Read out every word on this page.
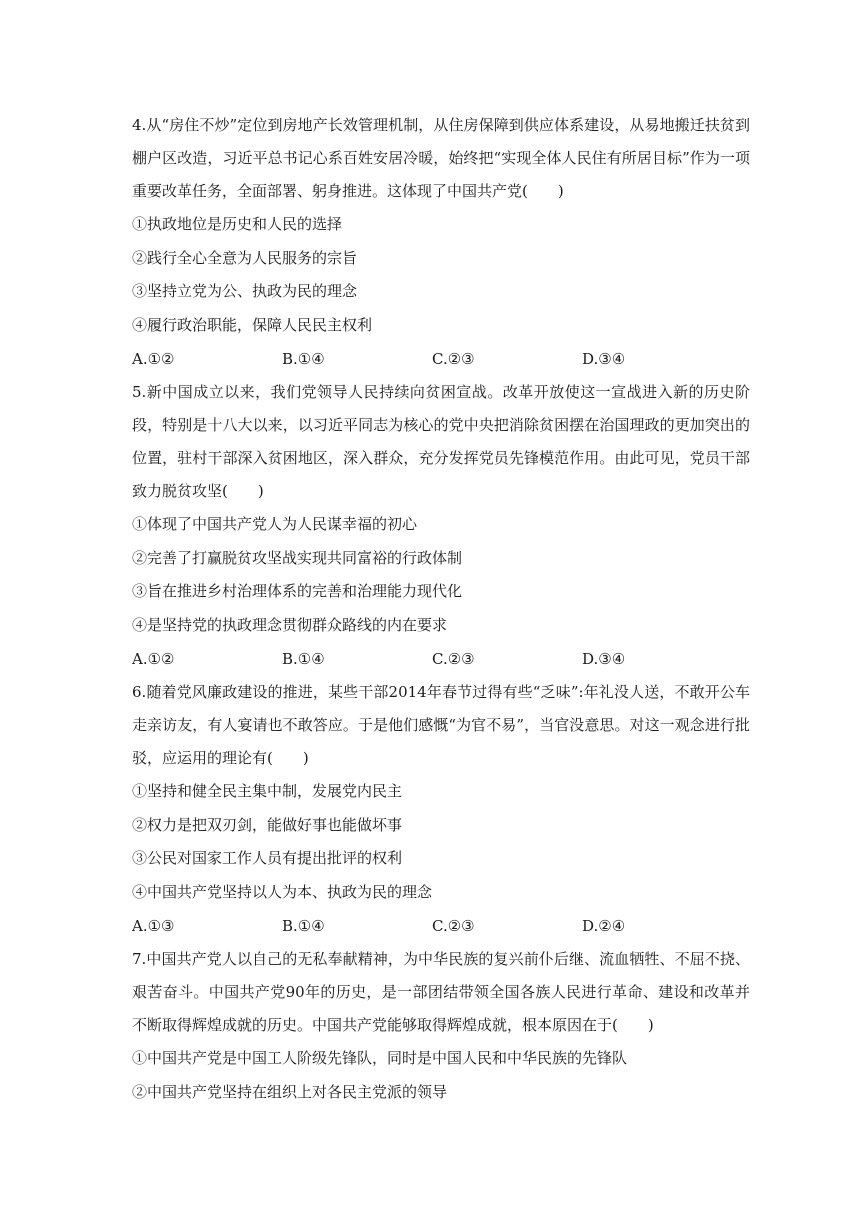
4.从“房住不炒”定位到房地产长效管理机制，从住房保障到供应体系建设，从易地搬迁扶贫到棚户区改造，习近平总书记心系百姓安居冷暖，始终把“实现全体人民住有所居目标”作为一项重要改革任务，全面部署、躬身推进。这体现了中国共产党(　　)

①执政地位是历史和人民的选择

②践行全心全意为人民服务的宗旨

③坚持立党为公、执政为民的理念

④履行政治职能，保障人民民主权利

A.①②	B.①④	C.②③	D.③④

5.新中国成立以来，我们党领导人民持续向贫困宣战。改革开放使这一宣战进入新的历史阶段，特别是十八大以来，以习近平同志为核心的党中央把消除贫困摆在治国理政的更加突出的位置，驻村干部深入贫困地区，深入群众，充分发挥党员先锋模范作用。由此可见，党员干部致力脱贫攻坚(　　)

①体现了中国共产党人为人民谋幸福的初心

②完善了打赢脱贫攻坚战实现共同富裕的行政体制

③旨在推进乡村治理体系的完善和治理能力现代化

④是坚持党的执政理念贯彻群众路线的内在要求

A.①②	B.①④	C.②③	D.③④

6.随着党风廉政建设的推进，某些干部2014年春节过得有些“乏味”:年礼没人送，不敢开公车走亲访友，有人宴请也不敢答应。于是他们感慨“为官不易”，当官没意思。对这一观念进行批驳，应运用的理论有(　　)

①坚持和健全民主集中制，发展党内民主

②权力是把双刃剑，能做好事也能做坏事

③公民对国家工作人员有提出批评的权利

④中国共产党坚持以人为本、执政为民的理念

A.①③	B.①④	C.②③	D.②④

7.中国共产党人以自己的无私奉献精神，为中华民族的复兴前仆后继、流血牺牲、不屈不挠、艰苦奋斗。中国共产党90年的历史，是一部团结带领全国各族人民进行革命、建设和改革并不断取得辉煌成就的历史。中国共产党能够取得辉煌成就，根本原因在于(　　)

①中国共产党是中国工人阶级先锋队，同时是中国人民和中华民族的先锋队

②中国共产党坚持在组织上对各民主党派的领导
